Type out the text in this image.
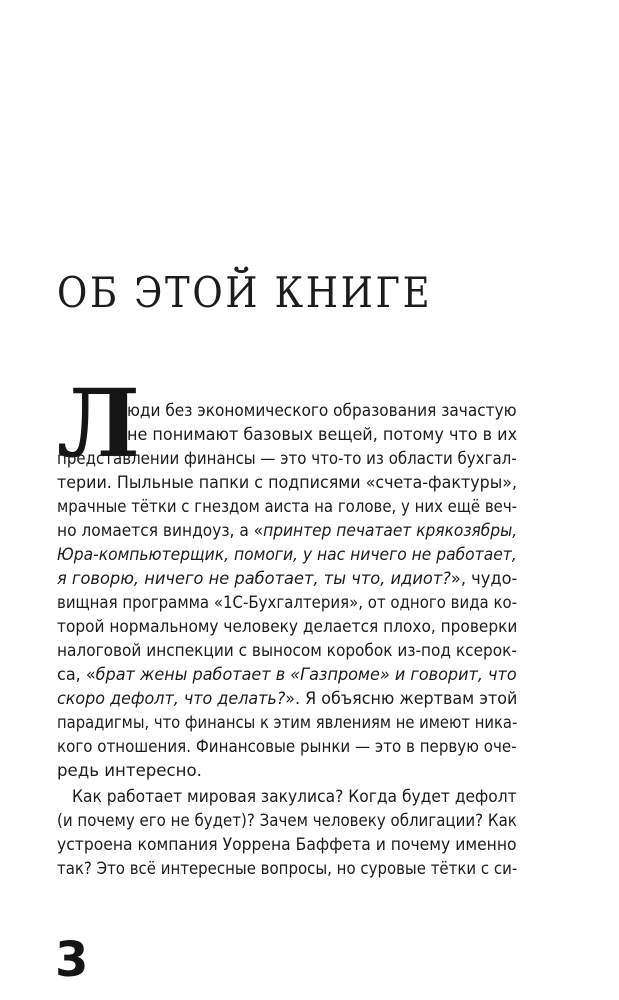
ОБ ЭТОЙ КНИГЕ
Л

юди без экономического образования зачастую

не понимают базовых вещей, потому что в их

представлении финансы — это что-то из области бухгал-

терии. Пыльные папки с подписями «счета-фактуры»,

мрачные тётки с гнездом аиста на голове, у них ещё веч-

но ломается виндоуз, а «принтер печатает крякозябры,

Юра-компьютерщик, помоги, у нас ничего не работает,

я говорю, ничего не работает, ты что, идиот?», чудо-

вищная программа «1С-Бухгалтерия», от одного вида ко-

торой нормальному человеку делается плохо, проверки

налоговой инспекции с выносом коробок из-под ксерок-

са, «брат жены работает в «Газпроме» и говорит, что

скоро дефолт, что делать?». Я объясню жертвам этой

парадигмы, что финансы к этим явлениям не имеют ника-

кого отношения. Финансовые рынки — это в первую оче-

редь интересно.

Как работает мировая закулиса? Когда будет дефолт

(и почему его не будет)? Зачем человеку облигации? Как

устроена компания Уоррена Баффета и почему именно

так? Это всё интересные вопросы, но суровые тётки с си-

3
